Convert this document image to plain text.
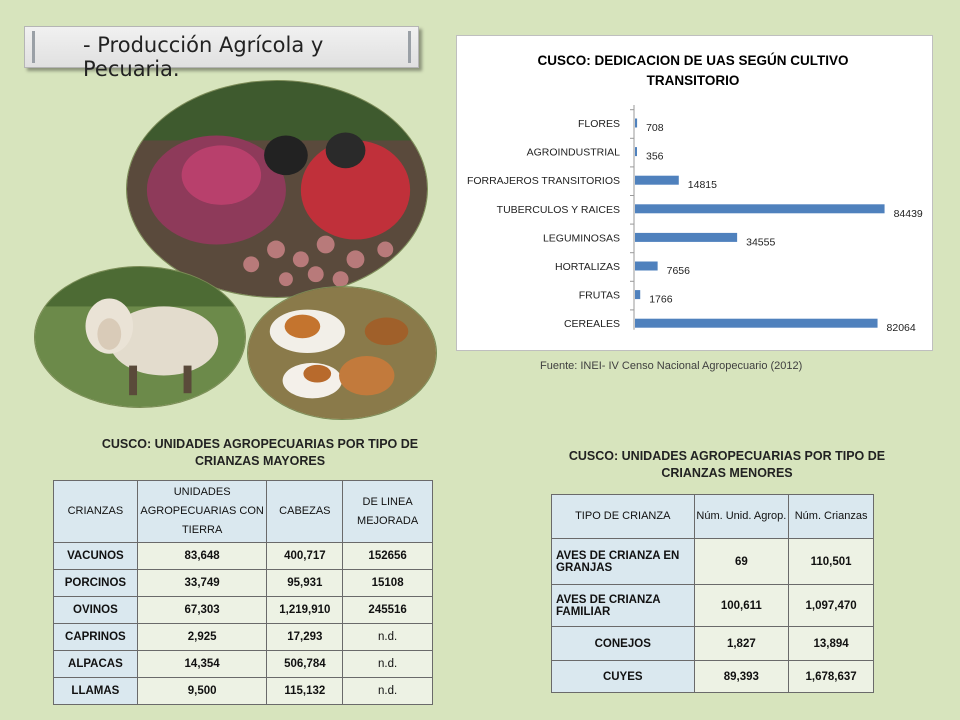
- Producción Agrícola y Pecuaria.	CUSCO: DEDICACION DE UAS SEGÚN CULTIVO
TRANSITORIO
FLORES 708
AGROINDUSTRIAL 356
FORRAJEROS TRANSITORIOS	14815
TUBERCULOS Y RAICES	84439
LEGUMINOSAS	34555
HORTALIZAS	7656
FRUTAS	1766
CEREALES	82064
Fuente: INEI- IV Censo Nacional Agropecuario (2012)
CUSCO: UNIDADES AGROPECUARIAS POR TIPO DE
CRIANZAS MAYORES
CRIANZAS	UNIDADES AGROPECUARIAS CON TIERRA	CABEZAS	DE LINEA MEJORADA
VACUNOS	83,648	400,717	152656
PORCINOS	33,749	95,931	15108
OVINOS	67,303	1,219,910	245516
CAPRINOS	2,925	17,293	n.d.
ALPACAS	14,354	506,784	n.d.
LLAMAS	9,500	115,132	n.d.
CUSCO: UNIDADES AGROPECUARIAS POR TIPO DE
CRIANZAS MENORES
TIPO DE CRIANZA	Núm. Unid. Agrop.	Núm. Crianzas
AVES DE CRIANZA EN GRANJAS	69	110,501
AVES DE CRIANZA FAMILIAR	100,611	1,097,470
CONEJOS	1,827	13,894
CUYES	89,393	1,678,637
